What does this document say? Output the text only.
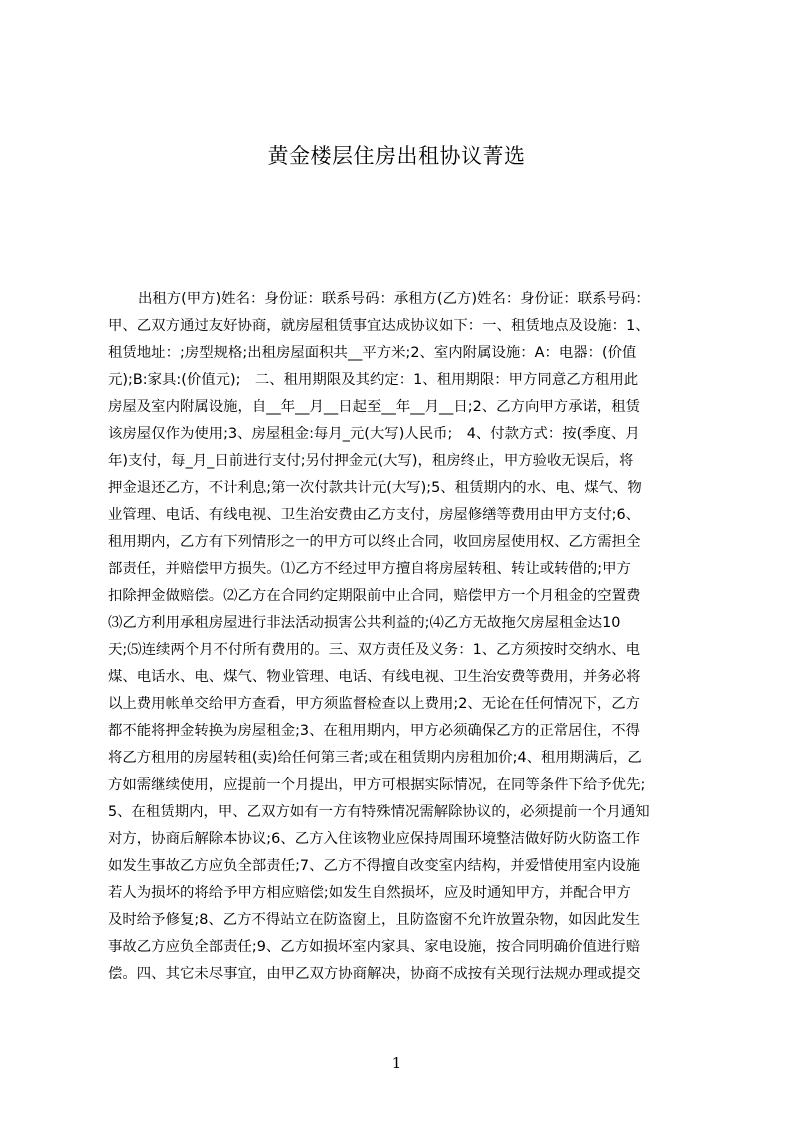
黄金楼层住房出租协议菁选
出租方(甲方)姓名：身份证：联系号码：承租方(乙方)姓名：身份证：联系号码：
甲、乙双方通过友好协商，就房屋租赁事宜达成协议如下：一、租赁地点及设施：1、
租赁地址：;房型规格;出租房屋面积共__平方米;2、室内附属设施：A：电器：(价值
元);B:家具:(价值元);　二、租用期限及其约定：1、租用期限：甲方同意乙方租用此
房屋及室内附属设施，自__年__月__日起至__年__月__日;2、乙方向甲方承诺，租赁
该房屋仅作为使用;3、房屋租金:每月_元(大写)人民币;　4、付款方式：按(季度、月
年)支付，每_月_日前进行支付;另付押金元(大写)，租房终止，甲方验收无误后，将
押金退还乙方，不计利息;第一次付款共计元(大写);5、租赁期内的水、电、煤气、物
业管理、电话、有线电视、卫生治安费由乙方支付，房屋修缮等费用由甲方支付;6、
租用期内，乙方有下列情形之一的甲方可以终止合同，收回房屋使用权、乙方需担全
部责任，并赔偿甲方损失。⑴乙方不经过甲方擅自将房屋转租、转让或转借的;甲方
扣除押金做赔偿。⑵乙方在合同约定期限前中止合同，赔偿甲方一个月租金的空置费
⑶乙方利用承租房屋进行非法活动损害公共利益的;⑷乙方无故拖欠房屋租金达10
天;⑸连续两个月不付所有费用的。三、双方责任及义务：1、乙方须按时交纳水、电
煤、电话水、电、煤气、物业管理、电话、有线电视、卫生治安费等费用，并务必将
以上费用帐单交给甲方查看，甲方须监督检查以上费用;2、无论在任何情况下，乙方
都不能将押金转换为房屋租金;3、在租用期内，甲方必须确保乙方的正常居住，不得
将乙方租用的房屋转租(卖)给任何第三者;或在租赁期内房租加价;4、租用期满后，乙
方如需继续使用，应提前一个月提出，甲方可根据实际情况，在同等条件下给予优先;
5、在租赁期内，甲、乙双方如有一方有特殊情况需解除协议的，必须提前一个月通知
对方，协商后解除本协议;6、乙方入住该物业应保持周围环境整洁做好防火防盗工作
如发生事故乙方应负全部责任;7、乙方不得擅自改变室内结构，并爱惜使用室内设施
若人为损坏的将给予甲方相应赔偿;如发生自然损坏，应及时通知甲方，并配合甲方
及时给予修复;8、乙方不得站立在防盗窗上，且防盗窗不允许放置杂物，如因此发生
事故乙方应负全部责任;9、乙方如损坏室内家具、家电设施，按合同明确价值进行赔
偿。四、其它未尽事宜，由甲乙双方协商解决，协商不成按有关现行法规办理或提交
1
